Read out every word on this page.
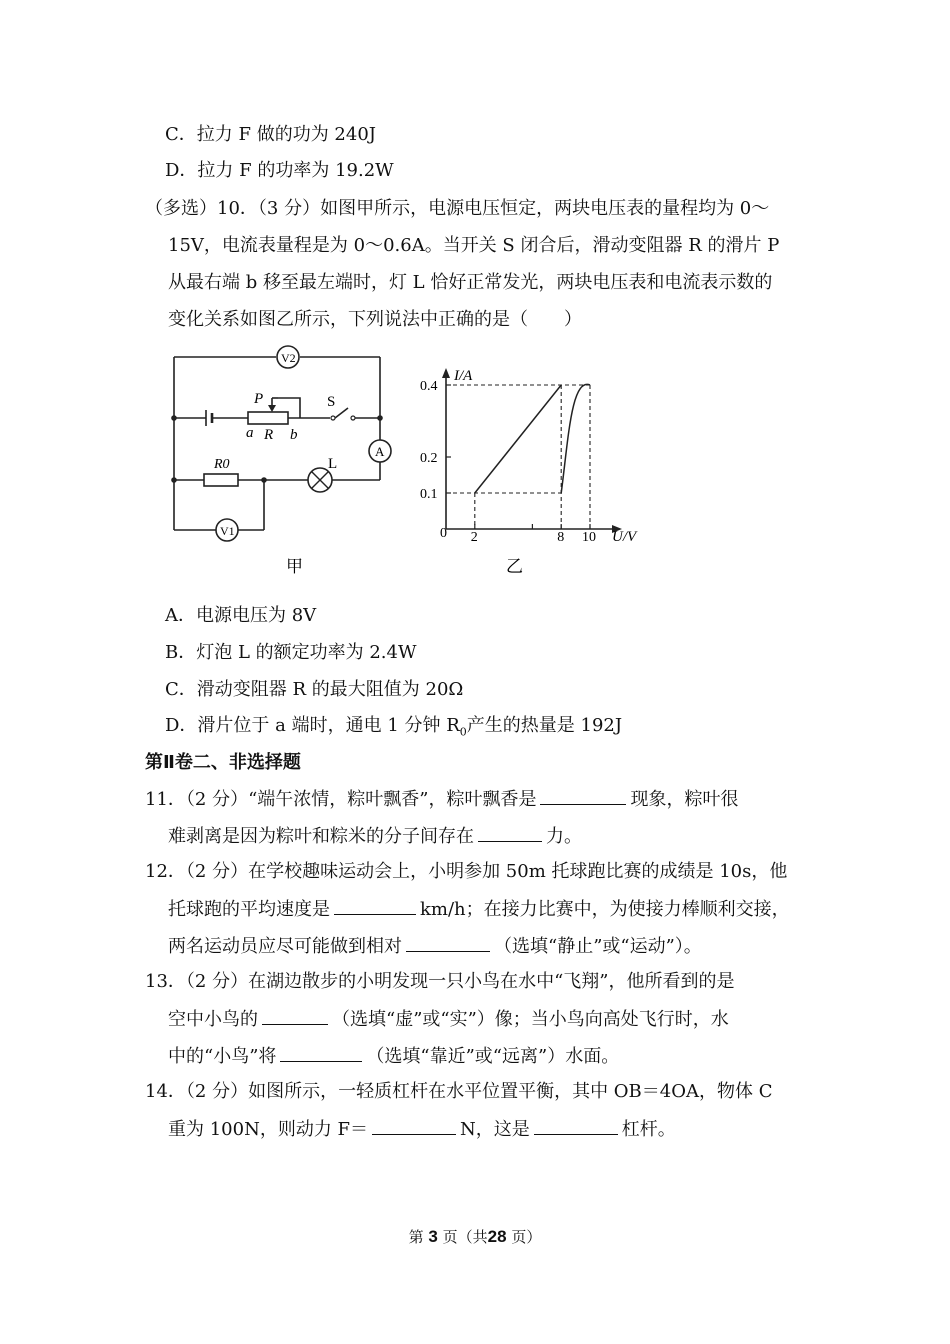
C．拉力 F 做的功为 240J
D．拉力 F 的功率为 19.2W
（多选）10．（3 分）如图甲所示，电源电压恒定，两块电压表的量程均为 0～
15V，电流表量程是为 0～0.6A。当开关 S 闭合后，滑动变阻器 R 的滑片 P
从最右端 b 移至最左端时，灯 L 恰好正常发光，两块电压表和电流表示数的
变化关系如图乙所示，下列说法中正确的是（　　）
V2
P	S
a R b
A
R0	L
V1
甲
I/A
U/V
0 2	8 10
0.1
0.2
0.4
乙
A．电源电压为 8V
B．灯泡 L 的额定功率为 2.4W
C．滑动变阻器 R 的最大阻值为 20Ω
D．滑片位于 a 端时，通电 1 分钟 $R_0$产生的热量是 192J
第Ⅱ卷二、非选择题
11．（2 分）“端午浓情，粽叶飘香”，粽叶飘香是	现象，粽叶很
难剥离是因为粽叶和粽米的分子间存在	力。
12．（2 分）在学校趣味运动会上，小明参加 50m 托球跑比赛的成绩是 10s，他
托球跑的平均速度是	km/h；在接力比赛中，为使接力棒顺利交接，
两名运动员应尽可能做到相对	（选填“静止”或“运动”）。
13．（2 分）在湖边散步的小明发现一只小鸟在水中“飞翔”，他所看到的是
空中小鸟的	（选填“虚”或“实”）像；当小鸟向高处飞行时，水
中的“小鸟”将	（选填“靠近”或“远离”）水面。
14．（2 分）如图所示，一轻质杠杆在水平位置平衡，其中 OB＝4OA，物体 C
重为 100N，则动力 F＝	N，这是	杠杆。
第 3 页（共28 页）
